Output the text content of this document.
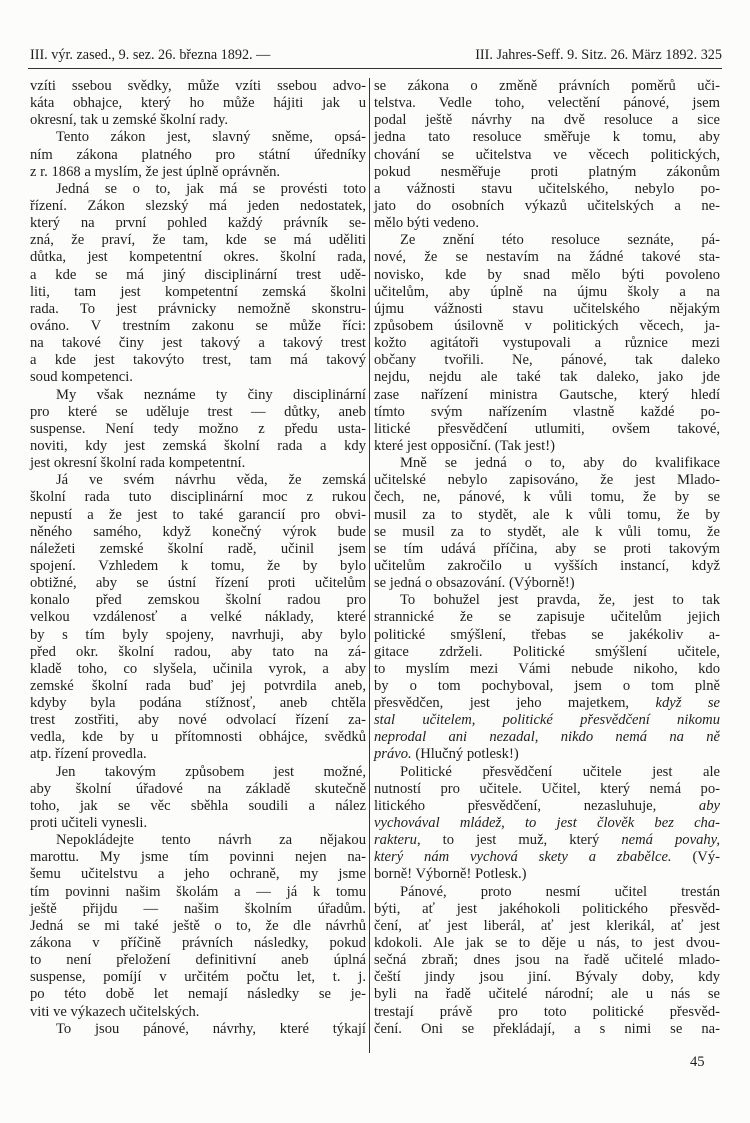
III. výr. zased., 9. sez. 26. března 1892. —	III. Jahres-Seff. 9. Sitz. 26. März 1892. 325
vzíti ssebou svědky, může vzíti ssebou advo-
káta obhajce, který ho může hájiti jak u
okresní, tak u zemské školní rady.
Tento zákon jest, slavný sněme, opsá-
ním zákona platného pro státní úředníky
z r. 1868 a myslím, že jest úplně oprávněn.
Jedná se o to, jak má se provésti toto
řízení. Zákon slezský má jeden nedostatek,
který na první pohled každý právník se-
zná, že praví, že tam, kde se má uděliti
důtka, jest kompetentní okres. školní rada,
a kde se má jiný disciplinární trest udě-
liti, tam jest kompetentní zemská školni
rada. To jest právnicky nemožně skonstru-
ováno. V trestním zakonu se může říci:
na takové činy jest takový a takový trest
a kde jest takovýto trest, tam má takový
soud kompetenci.
My však neznáme ty činy disciplinární
pro které se uděluje trest — důtky, aneb
suspense. Není tedy možno z předu usta-
noviti, kdy jest zemská školní rada a kdy
jest okresní školní rada kompetentní.
Já ve svém návrhu věda, že zemská
školní rada tuto disciplinární moc z rukou
nepustí a že jest to také garancií pro obvi-
něného samého, když konečný výrok bude
náležeti zemské školní radě, učinil jsem
spojení. Vzhledem k tomu, že by bylo
obtižné, aby se ústní řízení proti učitelům
konalo před zemskou školní radou pro
velkou vzdálenosť a velké náklady, které
by s tím byly spojeny, navrhuji, aby bylo
před okr. školní radou, aby tato na zá-
kladě toho, co slyšela, učinila vyrok, a aby
zemské školní rada buď jej potvrdila aneb,
kdyby byla podána stížnosť, aneb chtěla
trest zostřiti, aby nové odvolací řízení za-
vedla, kde by u přítomnosti obhájce, svědků
atp. řízení provedla.
Jen takovým způsobem jest možné,
aby školní úřadové na základě skutečně
toho, jak se věc sběhla soudili a nález
proti učiteli vynesli.
Nepokládejte tento návrh za nějakou
marottu. My jsme tím povinni nejen na-
šemu učitelstvu a jeho ochraně, my jsme
tím povinni našim školám a — já k tomu
ještě přijdu — našim školním úřadům.
Jedná se mi také ještě o to, že dle návrhů
zákona v příčině právních následky, pokud
to není přeložení definitivní aneb úplná
suspense, pomíjí v určitém počtu let, t. j.
po této době let nemají následky se je-
viti ve výkazech učitelských.
To jsou pánové, návrhy, které týkají
se zákona o změně právních poměrů uči-
telstva. Vedle toho, velectění pánové, jsem
podal ještě návrhy na dvě resoluce a sice
jedna tato resoluce směřuje k tomu, aby
chování se učitelstva ve věcech politických,
pokud nesměřuje proti platným zákonům
a vážnosti stavu učitelského, nebylo po-
jato do osobních výkazů učitelských a ne-
mělo býti vedeno.
Ze znění této resoluce seznáte, pá-
nové, že se nestavím na žádné takové sta-
novisko, kde by snad mělo býti povoleno
učitelům, aby úplně na újmu školy a na
újmu vážnosti stavu učitelského nějakým
způsobem úsilovně v politických věcech, ja-
kožto agitátoři vystupovali a různice mezi
občany tvořili. Ne, pánové, tak daleko
nejdu, nejdu ale také tak daleko, jako jde
zase nařízení ministra Gautsche, který hledí
tímto svým nařízením vlastně každé po-
litické přesvědčení utlumiti, ovšem takové,
které jest opposiční. (Tak jest!)
Mně se jedná o to, aby do kvalifikace
učitelské nebylo zapisováno, že jest Mlado-
čech, ne, pánové, k vůli tomu, že by se
musil za to stydět, ale k vůli tomu, že by
se musil za to stydět, ale k vůli tomu, že
se tím udává příčina, aby se proti takovým
učitelům zakročilo u vyšších instancí, když
se jedná o obsazování. (Výborně!)
To bohužel jest pravda, že, jest to tak
strannické že se zapisuje učitelům jejich
politické smýšlení, třebas se jakékoliv a-
gitace zdrželi. Politické smýšlení učitele,
to myslím mezi Vámi nebude nikoho, kdo
by o tom pochyboval, jsem o tom plně
přesvědčen, jest jeho majetkem, když se
stal učitelem, politické přesvědčení nikomu
neprodal ani nezadal, nikdo nemá na ně
právo. (Hlučný potlesk!)
Politické přesvědčení učitele jest ale
nutností pro učitele. Učitel, který nemá po-
litického přesvědčení, nezasluhuje, aby
vychovával mládež, to jest člověk bez cha-
rakteru, to jest muž, který nemá povahy,
který nám vychová skety a zbabělce. (Vý-
borně! Výborně! Potlesk.)
Pánové, proto nesmí učitel trestán
býti, ať jest jakéhokoli politického přesvěd-
čení, ať jest liberál, ať jest klerikál, ať jest
kdokoli. Ale jak se to děje u nás, to jest dvou-
sečná zbraň; dnes jsou na řadě učitelé mlado-
čeští jindy jsou jiní. Bývaly doby, kdy
byli na řadě učitelé národní; ale u nás se
trestají právě pro toto politické přesvěd-
čení. Oni se překládají, a s nimi se na-
45
